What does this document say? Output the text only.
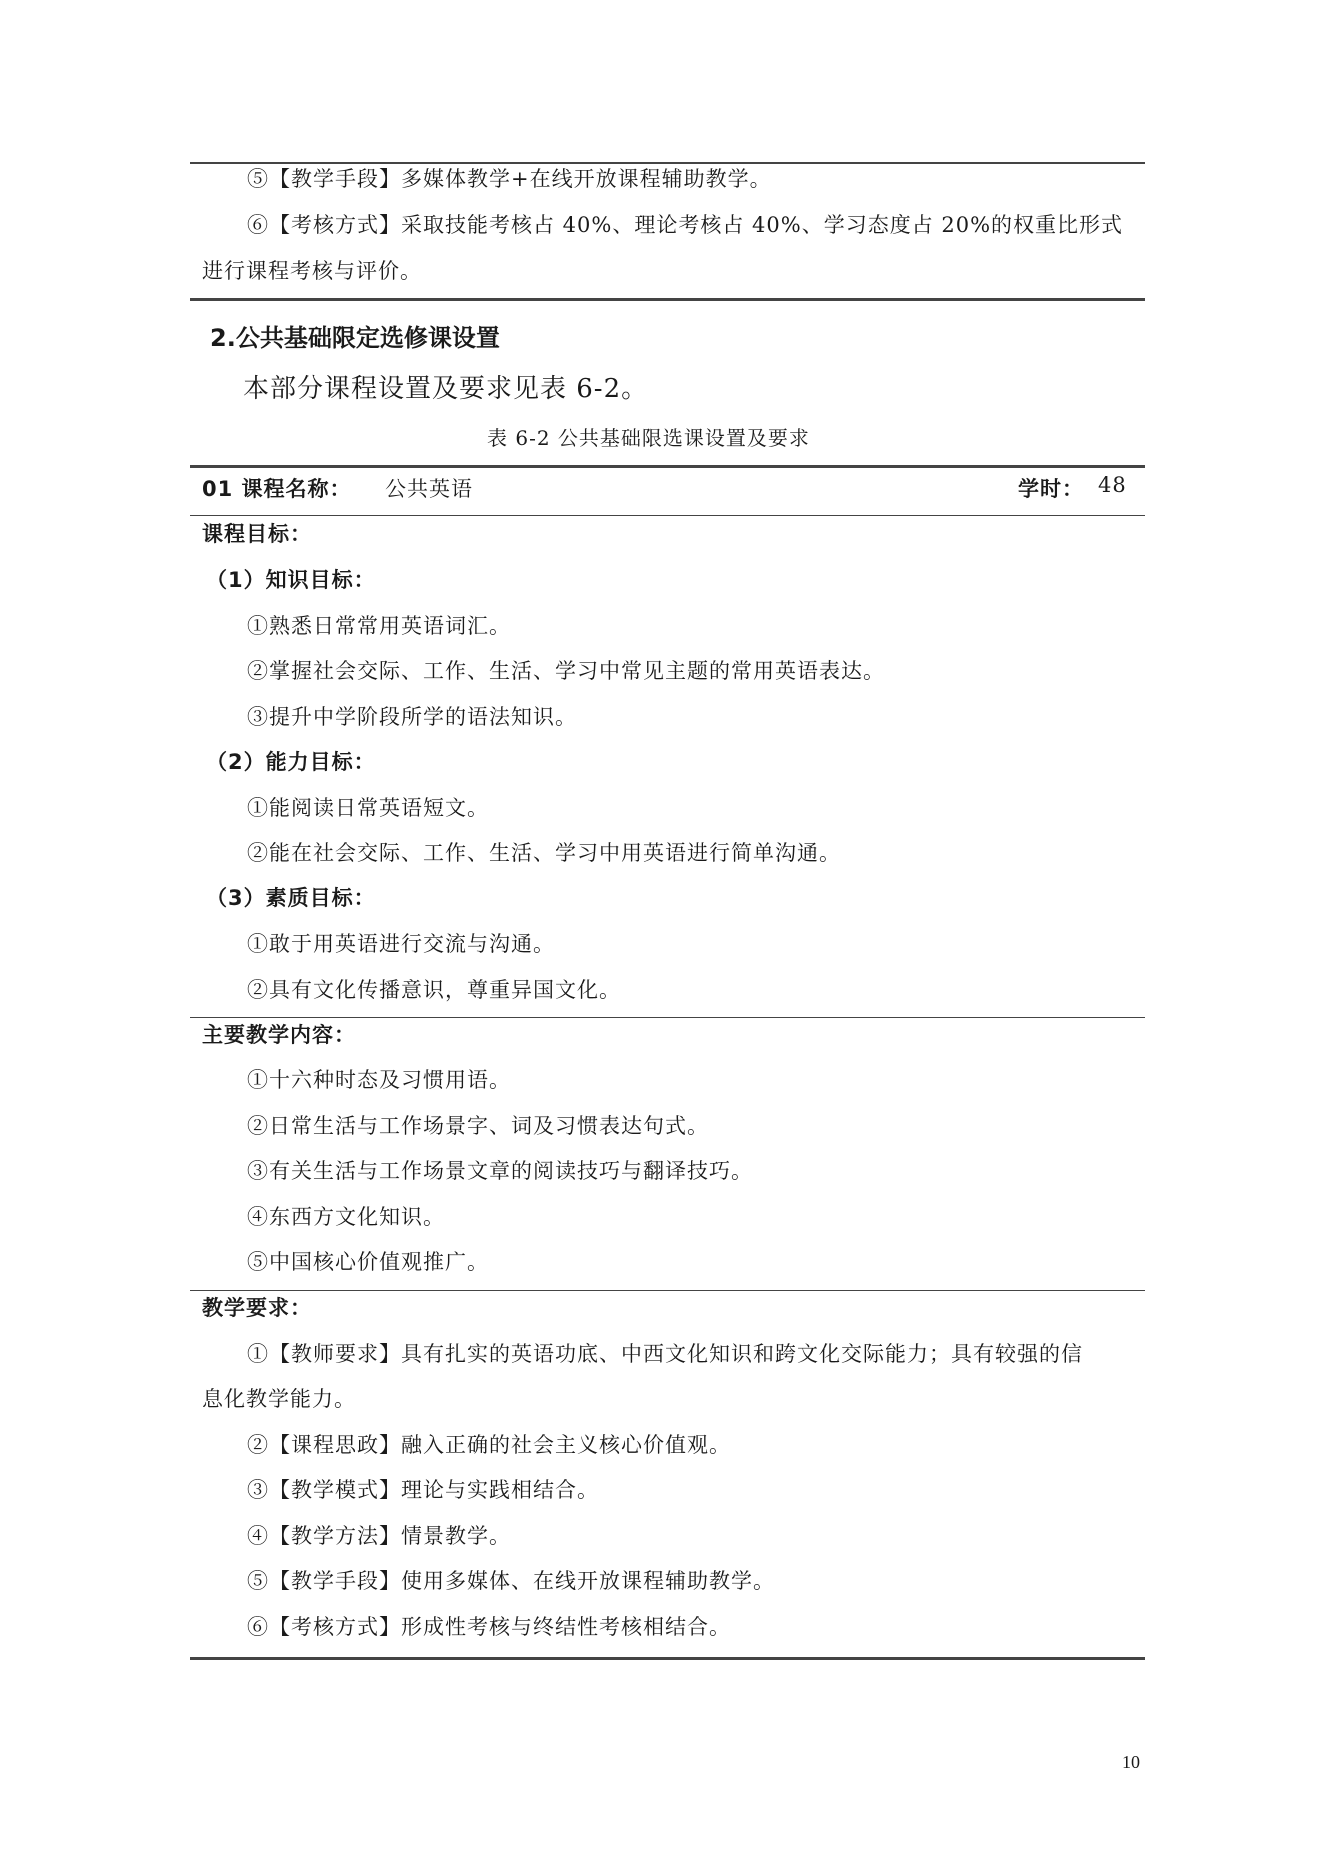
⑤【教学手段】多媒体教学+在线开放课程辅助教学。
⑥【考核方式】采取技能考核占 40%、理论考核占 40%、学习态度占 20%的权重比形式
进行课程考核与评价。
2.公共基础限定选修课设置
本部分课程设置及要求见表 6-2。
表 6-2 公共基础限选课设置及要求
01 课程名称： 公共英语	学时： 48
课程目标：
（1）知识目标：
①熟悉日常常用英语词汇。
②掌握社会交际、工作、生活、学习中常见主题的常用英语表达。
③提升中学阶段所学的语法知识。
（2）能力目标：
①能阅读日常英语短文。
②能在社会交际、工作、生活、学习中用英语进行简单沟通。
（3）素质目标：
①敢于用英语进行交流与沟通。
②具有文化传播意识，尊重异国文化。
主要教学内容：
①十六种时态及习惯用语。
②日常生活与工作场景字、词及习惯表达句式。
③有关生活与工作场景文章的阅读技巧与翻译技巧。
④东西方文化知识。
⑤中国核心价值观推广。
教学要求：
①【教师要求】具有扎实的英语功底、中西文化知识和跨文化交际能力；具有较强的信
息化教学能力。
②【课程思政】融入正确的社会主义核心价值观。
③【教学模式】理论与实践相结合。
④【教学方法】情景教学。
⑤【教学手段】使用多媒体、在线开放课程辅助教学。
⑥【考核方式】形成性考核与终结性考核相结合。
10
